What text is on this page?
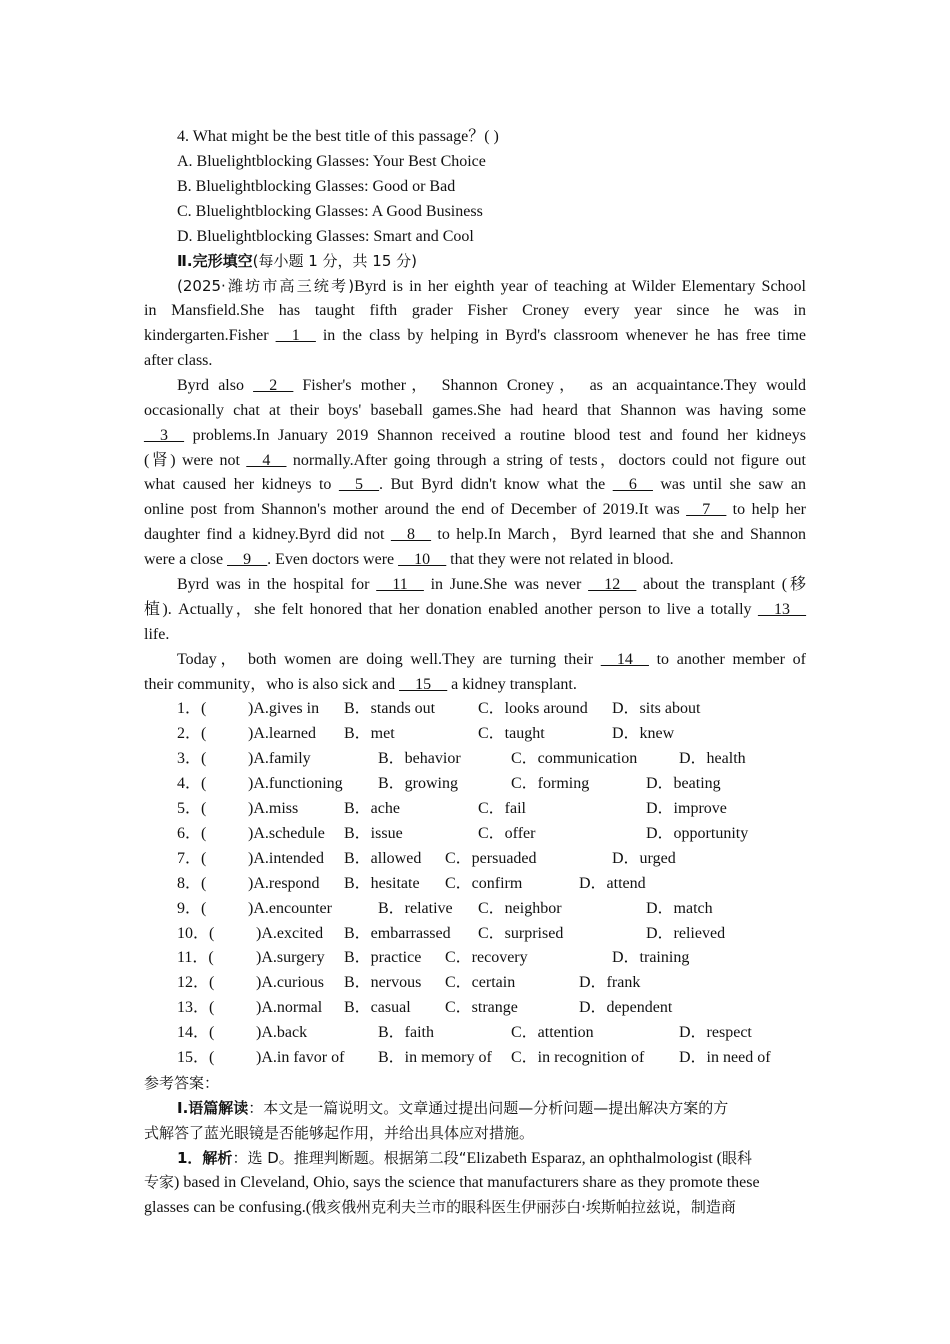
4. What might be the best title of this passage？( )
A. Bluelightblocking Glasses: Your Best Choice
B. Bluelightblocking Glasses: Good or Bad
C. Bluelightblocking Glasses: A Good Business
D. Bluelightblocking Glasses: Smart and Cool
Ⅱ.完形填空(每小题 1 分，共 15 分)
(2025·潍坊市高三统考)Byrd is in her eighth year of teaching at Wilder Elementary School
in Mansfield.She has taught fifth grader Fisher Croney every year since he was in
kindergarten.Fisher __1__ in the class by helping in Byrd's classroom whenever he has free time
after class.
Byrd also __2__ Fisher's mother， Shannon Croney， as an acquaintance.They would
occasionally chat at their boys' baseball games.She had heard that Shannon was having some
__3__ problems.In January 2019 Shannon received a routine blood test and found her kidneys
(肾) were not __4__ normally.After going through a string of tests，doctors could not figure out
what caused her kidneys to __5__. But Byrd didn't know what the __6__ was until she saw an
online post from Shannon's mother around the end of December of 2019.It was __7__ to help her
daughter find a kidney.Byrd did not __8__ to help.In March，Byrd learned that she and Shannon
were a close __9__. Even doctors were __10__ that they were not related in blood.
Byrd was in the hospital for __11__ in June.She was never __12__ about the transplant (移
植). Actually，she felt honored that her donation enabled another person to live a totally __13__
life.
Today， both women are doing well.They are turning their __14__ to another member of
their community，who is also sick and __15__ a kidney transplant.
1．(	)A.gives in B．stands out	C．looks around D．sits about
2．(	)A.learned B．met	C．taught	D．knew
3．(	)A.family	B．behavior	C．communication	D．health
4．(	)A.functioning B．growing	C．forming	D．beating
5．(	)A.miss	B．ache	C．fail	D．improve
6．(	)A.schedule B．issue	C．offer	D．opportunity
7．(	)A.intended B．allowed C．persuaded	D．urged
8．(	)A.respond B．hesitate C．confirm	D．attend
9．(	)A.encounter	B．relative C．neighbor	D．match
10．(	)A.excited B．embarrassed C．surprised	D．relieved
11．(	)A.surgery B．practice C．recovery	D．training
12．(	)A.curious B．nervous C．certain	D．frank
13．(	)A.normal B．casual C．strange	D．dependent
14．(	)A.back	B．faith	C．attention	D．respect
15．(	)A.in favor of B．in memory of C．in recognition of D．in need of
参考答案：
Ⅰ.语篇解读：本文是一篇说明文。文章通过提出问题—分析问题—提出解决方案的方
式解答了蓝光眼镜是否能够起作用，并给出具体应对措施。
1．解析：选 D。推理判断题。根据第二段“Elizabeth Esparaz, an ophthalmologist (眼科
专家) based in Cleveland, Ohio, says the science that manufacturers share as they promote these
glasses can be confusing.(俄亥俄州克利夫兰市的眼科医生伊丽莎白·埃斯帕拉兹说，制造商
